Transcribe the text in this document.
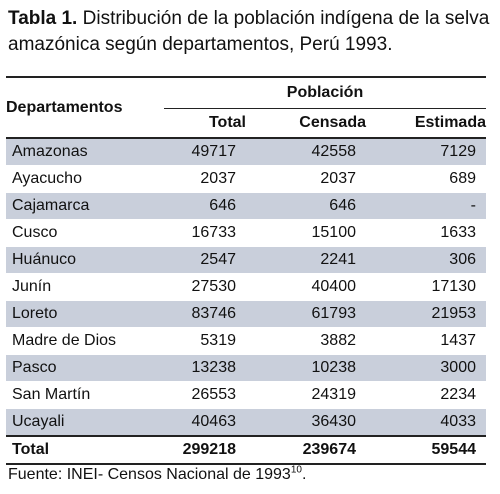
Tabla 1. Distribución de la población indígena de la selva amazónica según departamentos, Perú 1993.
Departamentos	Población		
	Total	Censada	Estimada
Amazonas	49717	42558	7129
Ayacucho	2037	2037	689
Cajamarca	646	646	-
Cusco	16733	15100	1633
Huánuco	2547	2241	306
Junín	27530	40400	17130
Loreto	83746	61793	21953
Madre de Dios	5319	3882	1437
Pasco	13238	10238	3000
San Martín	26553	24319	2234
Ucayali	40463	36430	4033
Total	299218	239674	59544
Fuente: INEI- Censos Nacional de 1993$^{10}$.
